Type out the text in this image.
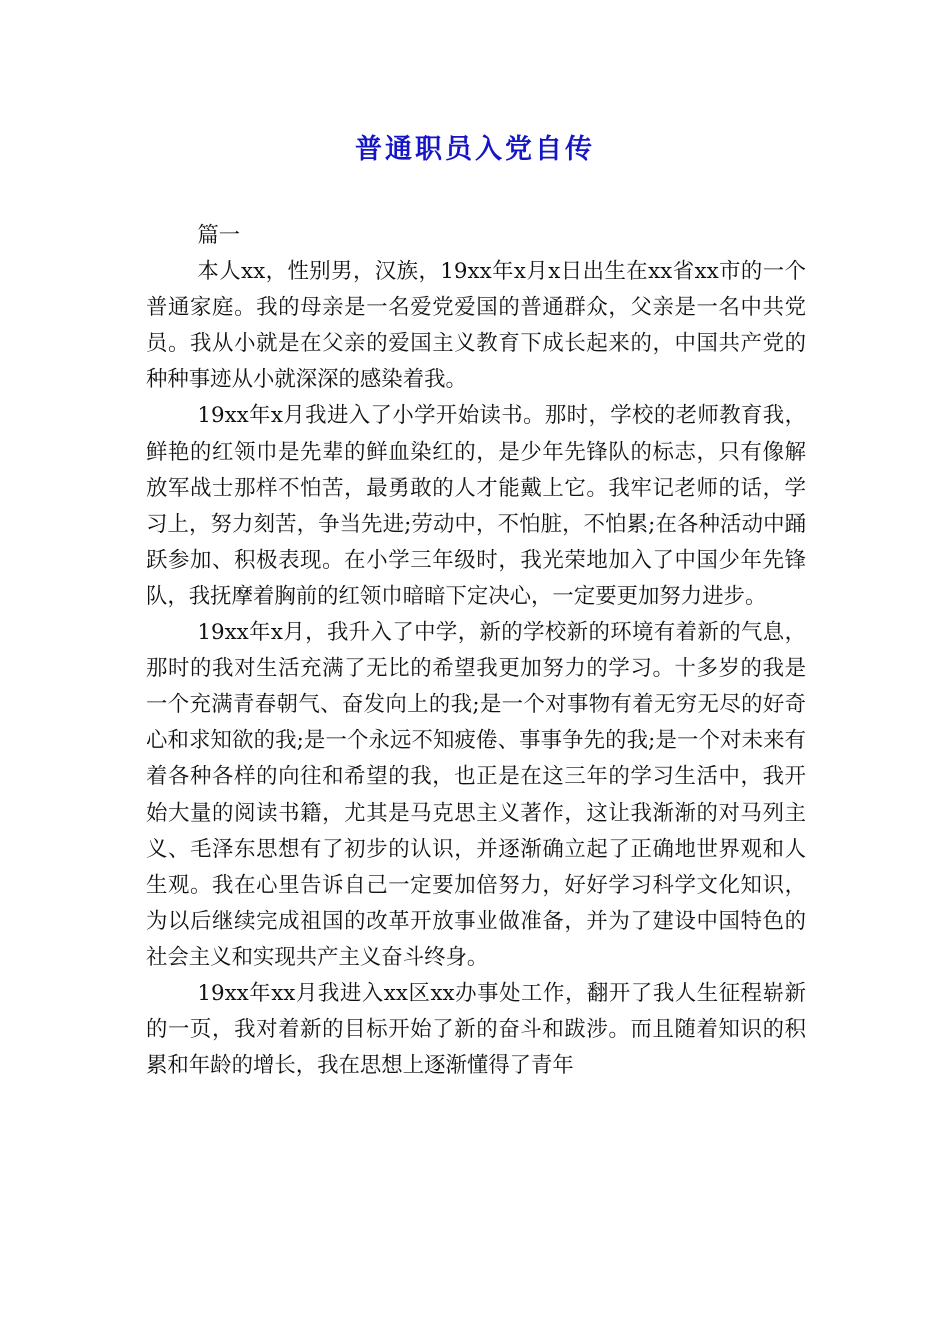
普通职员入党自传

篇一

本人xx，性别男，汉族，19xx年x月x日出生在xx省xx市的一个普通家庭。我的母亲是一名爱党爱国的普通群众，父亲是一名中共党员。我从小就是在父亲的爱国主义教育下成长起来的，中国共产党的种种事迹从小就深深的感染着我。

19xx年x月我进入了小学开始读书。那时，学校的老师教育我，鲜艳的红领巾是先辈的鲜血染红的，是少年先锋队的标志，只有像解放军战士那样不怕苦，最勇敢的人才能戴上它。我牢记老师的话，学习上，努力刻苦，争当先进;劳动中，不怕脏，不怕累;在各种活动中踊跃参加、积极表现。在小学三年级时，我光荣地加入了中国少年先锋队，我抚摩着胸前的红领巾暗暗下定决心，一定要更加努力进步。

19xx年x月，我升入了中学，新的学校新的环境有着新的气息，那时的我对生活充满了无比的希望我更加努力的学习。十多岁的我是一个充满青春朝气、奋发向上的我;是一个对事物有着无穷无尽的好奇心和求知欲的我;是一个永远不知疲倦、事事争先的我;是一个对未来有着各种各样的向往和希望的我，也正是在这三年的学习生活中，我开始大量的阅读书籍，尤其是马克思主义著作，这让我渐渐的对马列主义、毛泽东思想有了初步的认识，并逐渐确立起了正确地世界观和人生观。我在心里告诉自己一定要加倍努力，好好学习科学文化知识，为以后继续完成祖国的改革开放事业做准备，并为了建设中国特色的社会主义和实现共产主义奋斗终身。

19xx年xx月我进入xx区xx办事处工作，翻开了我人生征程崭新的一页，我对着新的目标开始了新的奋斗和跋涉。而且随着知识的积累和年龄的增长，我在思想上逐渐懂得了青年
